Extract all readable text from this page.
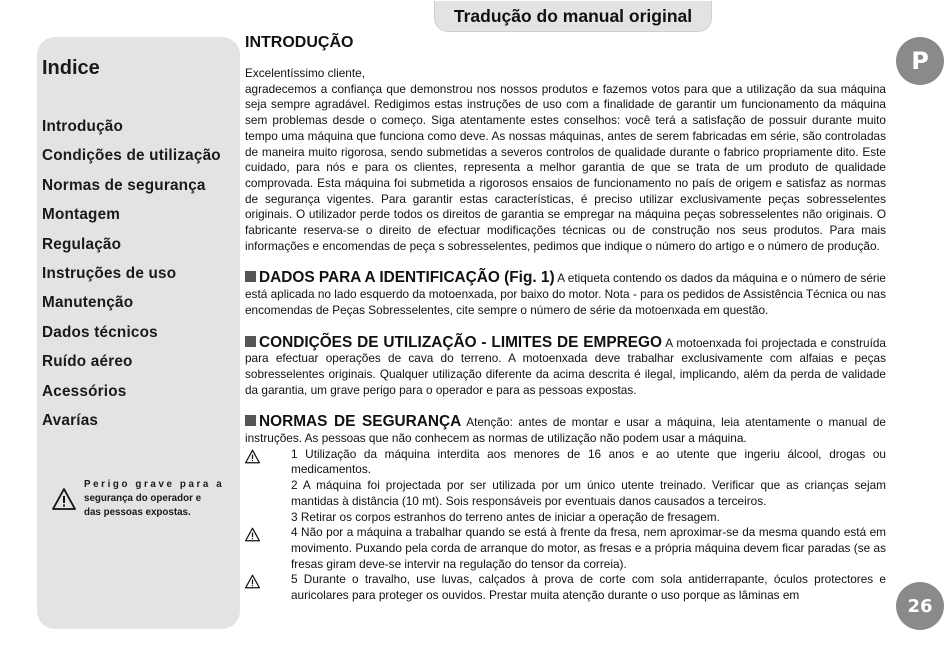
Tradução do manual original
Indice
Introdução
Condições de utilização
Normas de segurança
Montagem
Regulação
Instruções de uso
Manutenção
Dados técnicos
Ruído aéreo
Acessórios
Avarías
Perigo grave para a
segurança do operador e
das pessoas expostas.
INTRODUÇÃO

Excelentíssimo cliente,

agradecemos a confiança que demonstrou nos nossos produtos e fazemos votos para que a utilização da sua máquina seja sempre agradável. Redigimos estas instruções de uso com a finalidade de garantir um funcionamento da máquina sem problemas desde o começo. Siga atentamente estes conselhos: você terá a satisfação de possuir durante muito tempo uma máquina que funciona como deve. As nossas máquinas, antes de serem fabricadas em série, são controladas de maneira muito rigorosa, sendo submetidas a severos controlos de qualidade durante o fabrico propriamente dito. Este cuidado, para nós e para os clientes, representa a melhor garantia de que se trata de um produto de qualidade comprovada. Esta máquina foi submetida a rigorosos ensaios de funcionamento no país de origem e satisfaz as normas de segurança vigentes. Para garantir estas características, é preciso utilizar exclusivamente peças sobresselentes originais. O utilizador perde todos os direitos de garantia se empregar na máquina peças sobresselentes não originais. O fabricante reserva-se o direito de efectuar modificações técnicas ou de construção nos seus produtos. Para mais informações e encomendas de peça s sobresselentes, pedimos que indique o número do artigo e o número de produção.

DADOS PARA A IDENTIFICAÇÃO (Fig. 1) A etiqueta contendo os dados da máquina e o número de série está aplicada no lado esquerdo da motoenxada, por baixo do motor. Nota - para os pedidos de Assistência Técnica ou nas encomendas de Peças Sobresselentes, cite sempre o número de série da motoenxada em questão.

CONDIÇÕES DE UTILIZAÇÃO - LIMITES DE EMPREGO A motoenxada foi projectada e construída para efectuar operações de cava do terreno. A motoenxada deve trabalhar exclusivamente com alfaias e peças sobresselentes originais. Qualquer utilização diferente da acima descrita é ilegal, implicando, além da perda de validade da garantia, um grave perigo para o operador e para as pessoas expostas.

NORMAS DE SEGURANÇA Atenção: antes de montar e usar a máquina, leia atentamente o manual de instruções. As pessoas que não conhecem as normas de utilização não podem usar a máquina.

1 Utilização da máquina interdita aos menores de 16 anos e ao utente que ingeriu álcool, drogas ou medicamentos.
2 A máquina foi projectada por ser utilizada por um único utente treinado. Verificar que as crianças sejam mantidas à distância (10 mt). Sois responsáveis por eventuais danos causados a terceiros.
3 Retirar os corpos estranhos do terreno antes de iniciar a operação de fresagem.
4 Não por a máquina a trabalhar quando se está à frente da fresa, nem aproximar-se da mesma quando está em movimento. Puxando pela corda de arranque do motor, as fresas e a própria máquina devem ficar paradas (se as fresas giram deve-se intervir na regulação do tensor da correia).
5 Durante o travalho, use luvas, calçados à prova de corte com sola antiderrapante, óculos protectores e auricolares para proteger os ouvidos. Prestar muita atenção durante o uso porque as lâminas em
P
26
